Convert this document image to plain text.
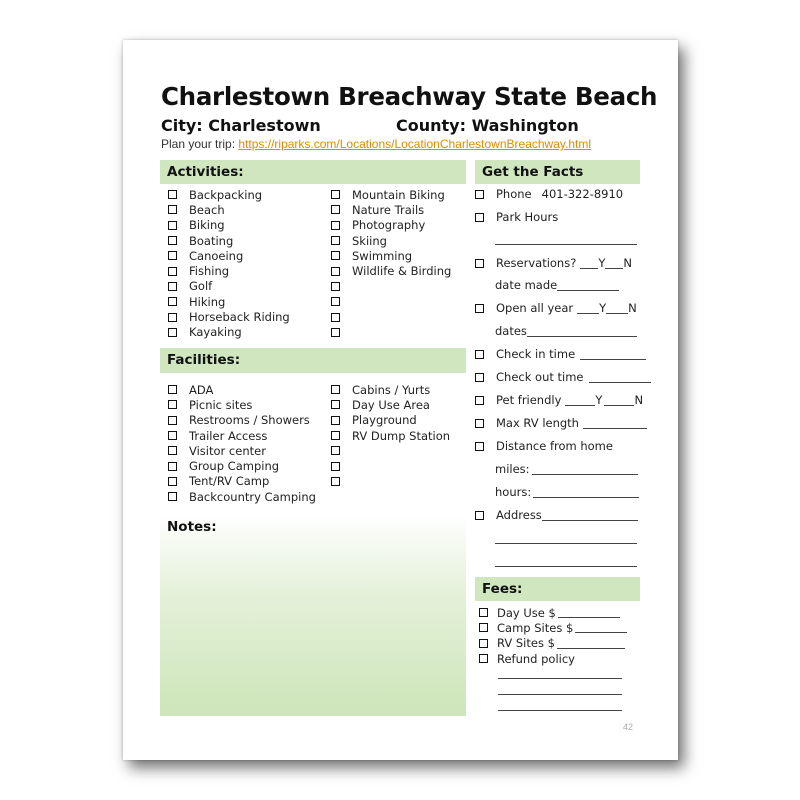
Charlestown Breachway State Beach
City: Charlestown	County: Washington
Plan your trip: https://riparks.com/Locations/LocationCharlestownBreachway.html
Activities:
Backpacking
Beach
Biking
Boating
Canoeing
Fishing
Golf
Hiking
Horseback Riding
Kayaking
Mountain Biking
Nature Trails
Photography
Skiing
Swimming
Wildlife & Birding
Facilities:
ADA
Picnic sites
Restrooms / Showers
Trailer Access
Visitor center
Group Camping
Tent/RV Camp
Backcountry Camping
Cabins / Yurts
Day Use Area
Playground
RV Dump Station
Notes:
Get the Facts
Phone 401-322-8910
Park Hours
Reservations? Y N
date made
Open all year Y N
dates
Check in time
Check out time
Pet friendly	Y	N
Max RV length
Distance from home
miles:
hours:
Address
Fees:
Day Use $
Camp Sites $
RV Sites $
Refund policy
42
